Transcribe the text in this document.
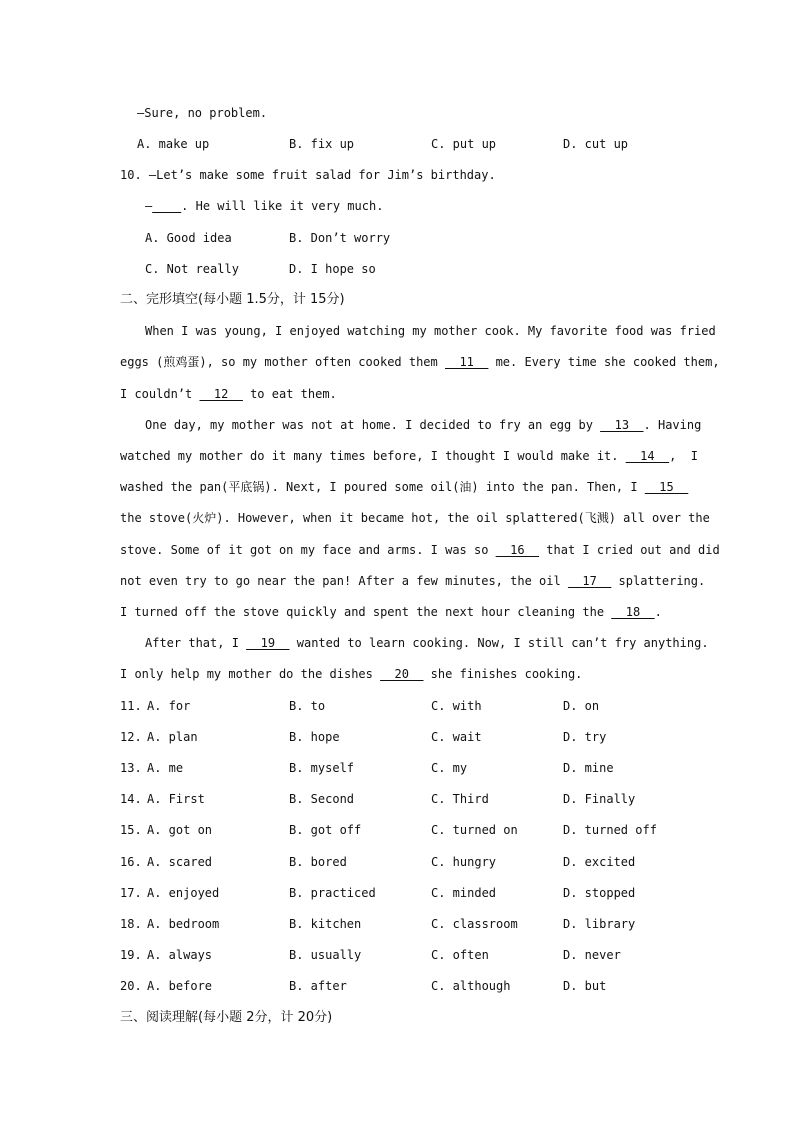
—Sure, no problem.
A. make up	B. fix up	C. put up	D. cut up
10. —Let’s make some fruit salad for Jim’s birthday.
—____. He will like it very much.
A. Good idea	B. Don’t worry
C. Not really	D. I hope so
二、完形填空(每小题 1.5分，计 15分)
When I was young, I enjoyed watching my mother cook. My favorite food was fried
eggs (煎鸡蛋), so my mother often cooked them __11__ me. Every time she cooked them,
I couldn’t __12__ to eat them.
One day, my mother was not at home. I decided to fry an egg by __13__. Having
watched my mother do it many times before, I thought I would make it. __14__,  I
washed the pan(平底锅). Next, I poured some oil(油) into the pan. Then, I __15__
the stove(火炉). However, when it became hot, the oil splattered(飞溅) all over the
stove. Some of it got on my face and arms. I was so __16__ that I cried out and did
not even try to go near the pan! After a few minutes, the oil __17__ splattering.
I turned off the stove quickly and spent the next hour cleaning the __18__.
After that, I __19__ wanted to learn cooking. Now, I still can’t fry anything.
I only help my mother do the dishes __20__ she finishes cooking.
11. A. for	B. to	C. with	D. on
12. A. plan	B. hope	C. wait	D. try
13. A. me	B. myself	C. my	D. mine
14. A. First	B. Second	C. Third	D. Finally
15. A. got on	B. got off	C. turned on	D. turned off
16. A. scared	B. bored	C. hungry	D. excited
17. A. enjoyed	B. practiced	C. minded	D. stopped
18. A. bedroom	B. kitchen	C. classroom	D. library
19. A. always	B. usually	C. often	D. never
20. A. before	B. after	C. although	D. but
三、阅读理解(每小题 2分，计 20分)
